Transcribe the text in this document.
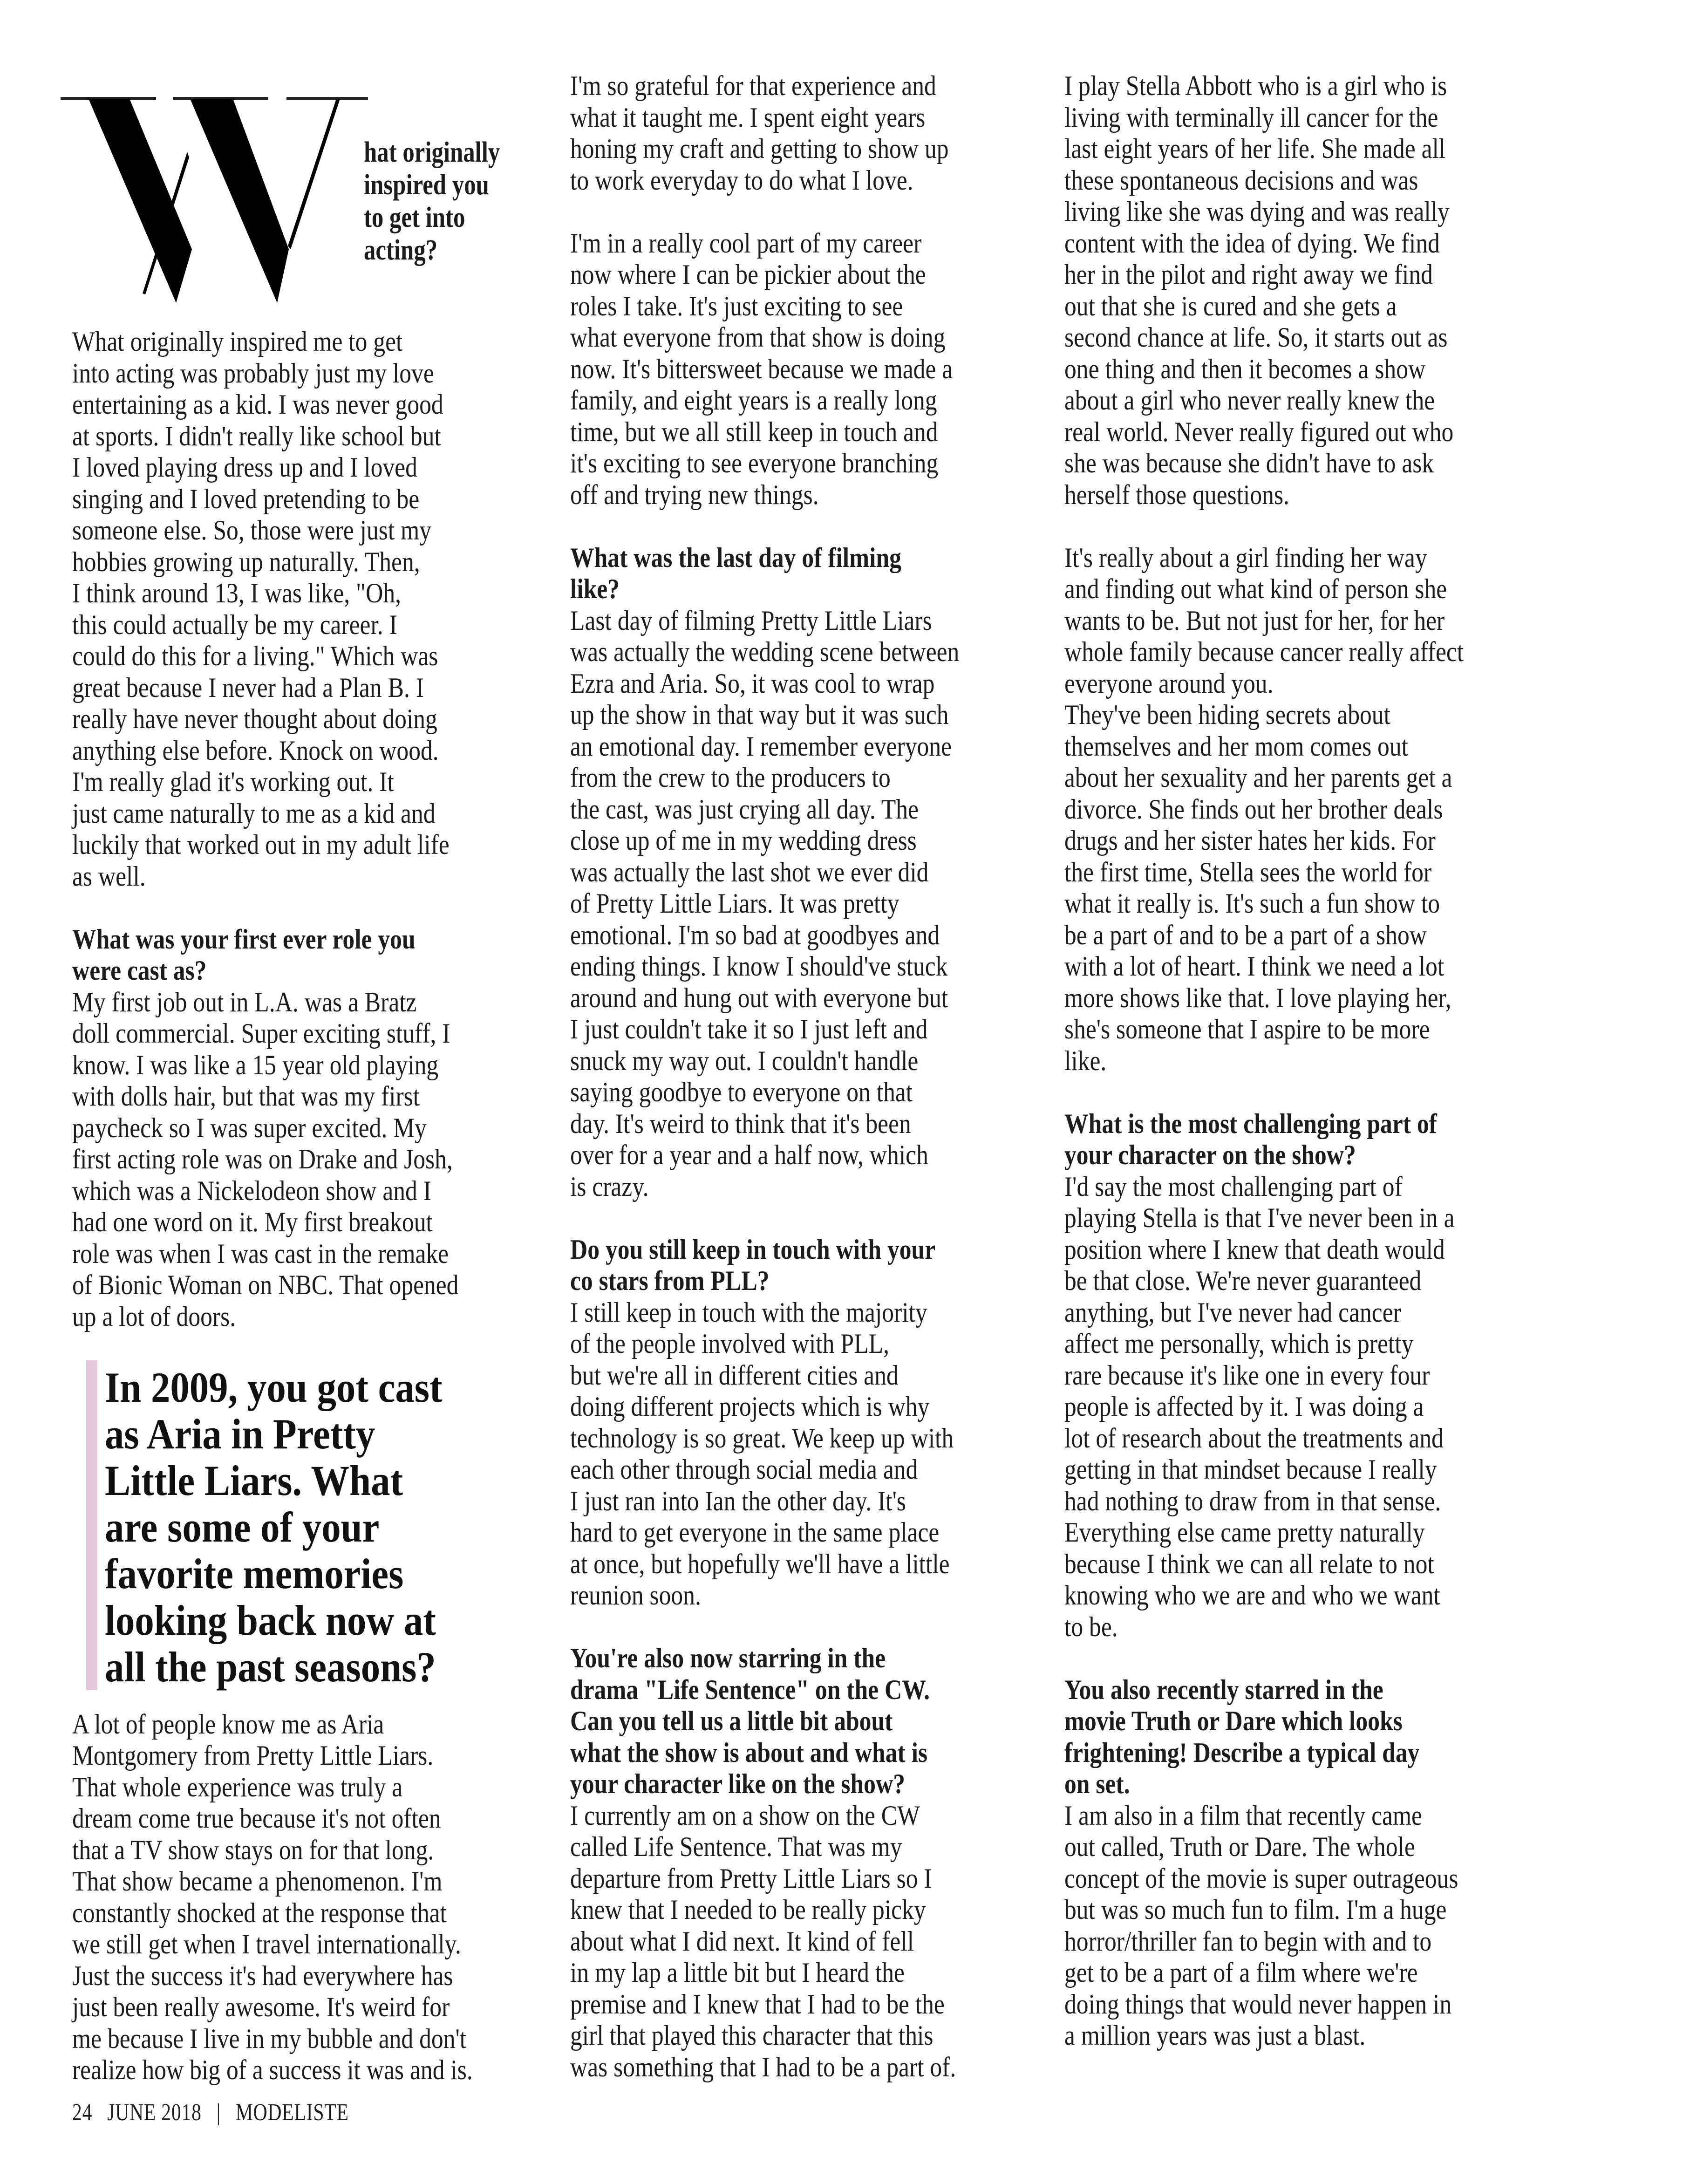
hat originally
inspired you
to get into
acting?
What originally inspired me to get
into acting was probably just my love
entertaining as a kid. I was never good
at sports. I didn't really like school but
I loved playing dress up and I loved
singing and I loved pretending to be
someone else. So, those were just my
hobbies growing up naturally. Then,
I think around 13, I was like, "Oh,
this could actually be my career. I
could do this for a living." Which was
great because I never had a Plan B. I
really have never thought about doing
anything else before. Knock on wood.
I'm really glad it's working out. It
just came naturally to me as a kid and
luckily that worked out in my adult life
as well.
What was your first ever role you
were cast as?
My first job out in L.A. was a Bratz
doll commercial. Super exciting stuff, I
know. I was like a 15 year old playing
with dolls hair, but that was my first
paycheck so I was super excited. My
first acting role was on Drake and Josh,
which was a Nickelodeon show and I
had one word on it. My first breakout
role was when I was cast in the remake
of Bionic Woman on NBC. That opened
up a lot of doors.
In 2009, you got cast
as Aria in Pretty
Little Liars. What
are some of your
favorite memories
looking back now at
all the past seasons?
A lot of people know me as Aria
Montgomery from Pretty Little Liars.
That whole experience was truly a
dream come true because it's not often
that a TV show stays on for that long.
That show became a phenomenon. I'm
constantly shocked at the response that
we still get when I travel internationally.
Just the success it's had everywhere has
just been really awesome. It's weird for
me because I live in my bubble and don't
realize how big of a success it was and is.
I'm so grateful for that experience and
what it taught me. I spent eight years
honing my craft and getting to show up
to work everyday to do what I love.
I'm in a really cool part of my career
now where I can be pickier about the
roles I take. It's just exciting to see
what everyone from that show is doing
now. It's bittersweet because we made a
family, and eight years is a really long
time, but we all still keep in touch and
it's exciting to see everyone branching
off and trying new things.
What was the last day of filming
like?
Last day of filming Pretty Little Liars
was actually the wedding scene between
Ezra and Aria. So, it was cool to wrap
up the show in that way but it was such
an emotional day. I remember everyone
from the crew to the producers to
the cast, was just crying all day. The
close up of me in my wedding dress
was actually the last shot we ever did
of Pretty Little Liars. It was pretty
emotional. I'm so bad at goodbyes and
ending things. I know I should've stuck
around and hung out with everyone but
I just couldn't take it so I just left and
snuck my way out. I couldn't handle
saying goodbye to everyone on that
day. It's weird to think that it's been
over for a year and a half now, which
is crazy.
Do you still keep in touch with your
co stars from PLL?
I still keep in touch with the majority
of the people involved with PLL,
but we're all in different cities and
doing different projects which is why
technology is so great. We keep up with
each other through social media and
I just ran into Ian the other day. It's
hard to get everyone in the same place
at once, but hopefully we'll have a little
reunion soon.
You're also now starring in the
drama "Life Sentence" on the CW.
Can you tell us a little bit about
what the show is about and what is
your character like on the show?
I currently am on a show on the CW
called Life Sentence. That was my
departure from Pretty Little Liars so I
knew that I needed to be really picky
about what I did next. It kind of fell
in my lap a little bit but I heard the
premise and I knew that I had to be the
girl that played this character that this
was something that I had to be a part of.
I play Stella Abbott who is a girl who is
living with terminally ill cancer for the
last eight years of her life. She made all
these spontaneous decisions and was
living like she was dying and was really
content with the idea of dying. We find
her in the pilot and right away we find
out that she is cured and she gets a
second chance at life. So, it starts out as
one thing and then it becomes a show
about a girl who never really knew the
real world. Never really figured out who
she was because she didn't have to ask
herself those questions.
It's really about a girl finding her way
and finding out what kind of person she
wants to be. But not just for her, for her
whole family because cancer really affect
everyone around you.
They've been hiding secrets about
themselves and her mom comes out
about her sexuality and her parents get a
divorce. She finds out her brother deals
drugs and her sister hates her kids. For
the first time, Stella sees the world for
what it really is. It's such a fun show to
be a part of and to be a part of a show
with a lot of heart. I think we need a lot
more shows like that. I love playing her,
she's someone that I aspire to be more
like.
What is the most challenging part of
your character on the show?
I'd say the most challenging part of
playing Stella is that I've never been in a
position where I knew that death would
be that close. We're never guaranteed
anything, but I've never had cancer
affect me personally, which is pretty
rare because it's like one in every four
people is affected by it. I was doing a
lot of research about the treatments and
getting in that mindset because I really
had nothing to draw from in that sense.
Everything else came pretty naturally
because I think we can all relate to not
knowing who we are and who we want
to be.
You also recently starred in the
movie Truth or Dare which looks
frightening! Describe a typical day
on set.
I am also in a film that recently came
out called, Truth or Dare. The whole
concept of the movie is super outrageous
but was so much fun to film. I'm a huge
horror/thriller fan to begin with and to
get to be a part of a film where we're
doing things that would never happen in
a million years was just a blast.
24 JUNE 2018 | MODELISTE
